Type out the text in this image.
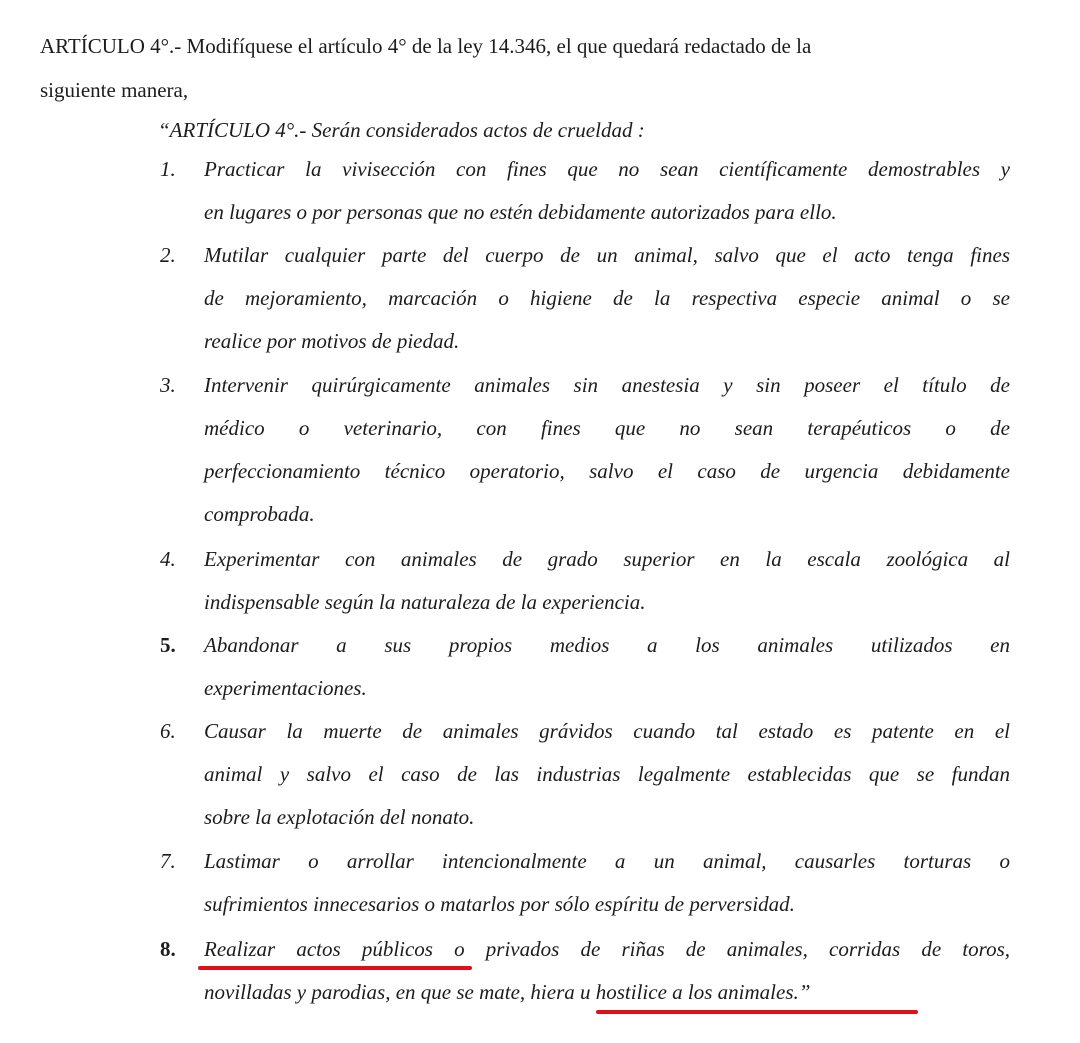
ARTÍCULO 4°.- Modifíquese el artículo 4° de la ley 14.346, el que quedará redactado de la
siguiente manera,
“ARTÍCULO 4°.- Serán considerados actos de crueldad :
1.	Practicar la vivisección con fines que no sean científicamente demostrables y
en lugares o por personas que no estén debidamente autorizados para ello.
2.	Mutilar cualquier parte del cuerpo de un animal, salvo que el acto tenga fines
de mejoramiento, marcación o higiene de la respectiva especie animal o se
realice por motivos de piedad.
3.	Intervenir quirúrgicamente animales sin anestesia y sin poseer el título de
médico o veterinario, con fines que no sean terapéuticos o de
perfeccionamiento técnico operatorio, salvo el caso de urgencia debidamente
comprobada.
4.	Experimentar con animales de grado superior en la escala zoológica al
indispensable según la naturaleza de la experiencia.
5.	Abandonar a sus propios medios a los animales utilizados en
experimentaciones.
6.	Causar la muerte de animales grávidos cuando tal estado es patente en el
animal y salvo el caso de las industrias legalmente establecidas que se fundan
sobre la explotación del nonato.
7.	Lastimar o arrollar intencionalmente a un animal, causarles torturas o
sufrimientos innecesarios o matarlos por sólo espíritu de perversidad.
8.	Realizar actos públicos o privados de riñas de animales, corridas de toros,
novilladas y parodias, en que se mate, hiera u hostilice a los animales.”
